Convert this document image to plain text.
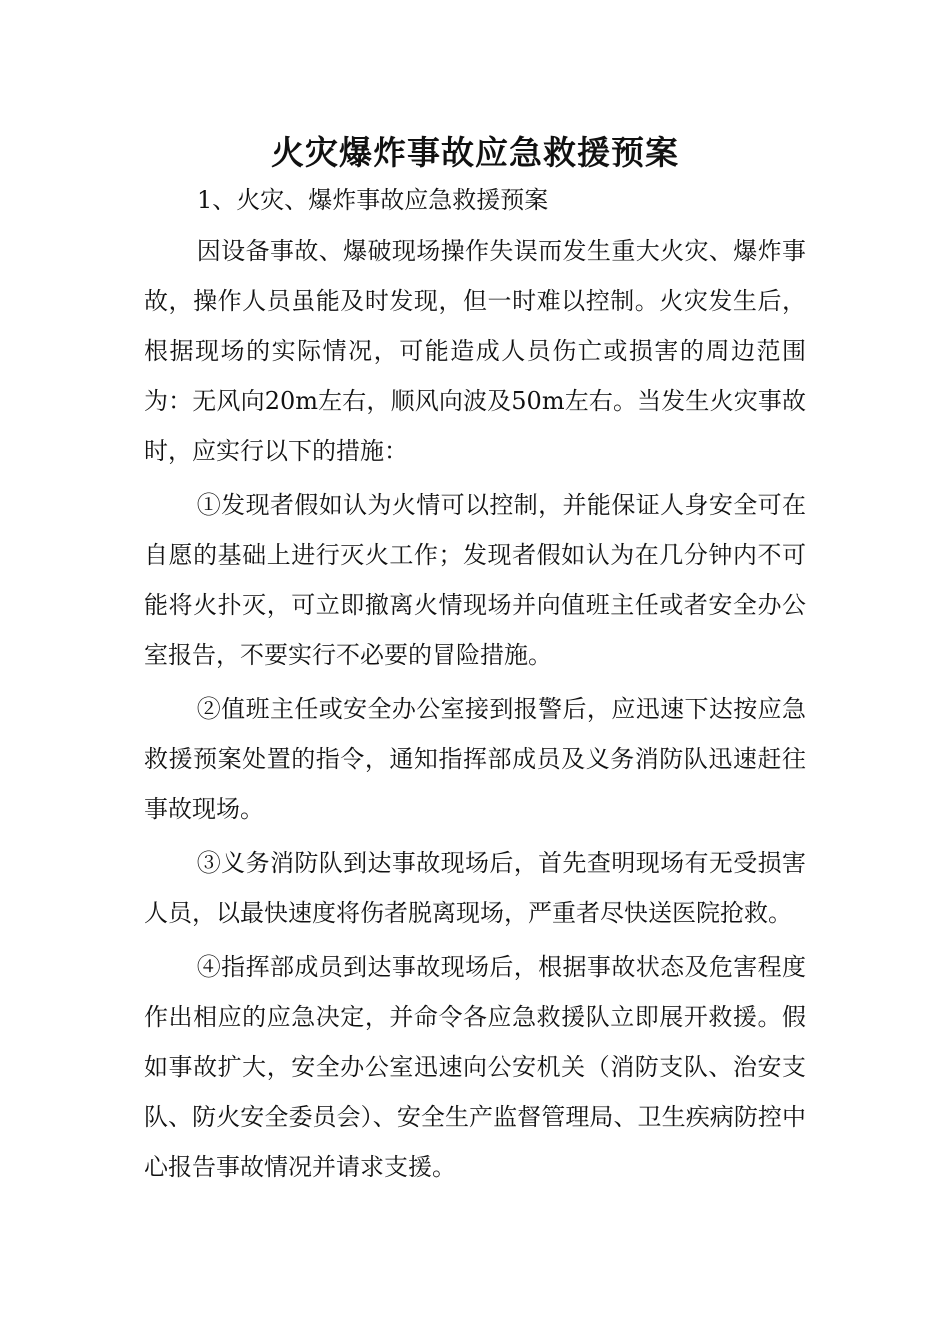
火灾爆炸事故应急救援预案
1、火灾、爆炸事故应急救援预案

因设备事故、爆破现场操作失误而发生重大火灾、爆炸事故，操作人员虽能及时发现，但一时难以控制。火灾发生后，根据现场的实际情况，可能造成人员伤亡或损害的周边范围为：无风向20m左右，顺风向波及50m左右。当发生火灾事故时，应实行以下的措施：

①发现者假如认为火情可以控制，并能保证人身安全可在自愿的基础上进行灭火工作；发现者假如认为在几分钟内不可能将火扑灭，可立即撤离火情现场并向值班主任或者安全办公室报告，不要实行不必要的冒险措施。

②值班主任或安全办公室接到报警后，应迅速下达按应急救援预案处置的指令，通知指挥部成员及义务消防队迅速赶往事故现场。

③义务消防队到达事故现场后，首先查明现场有无受损害人员，以最快速度将伤者脱离现场，严重者尽快送医院抢救。

④指挥部成员到达事故现场后，根据事故状态及危害程度作出相应的应急决定，并命令各应急救援队立即展开救援。假如事故扩大，安全办公室迅速向公安机关（消防支队、治安支队、防火安全委员会）、安全生产监督管理局、卫生疾病防控中心报告事故情况并请求支援。
